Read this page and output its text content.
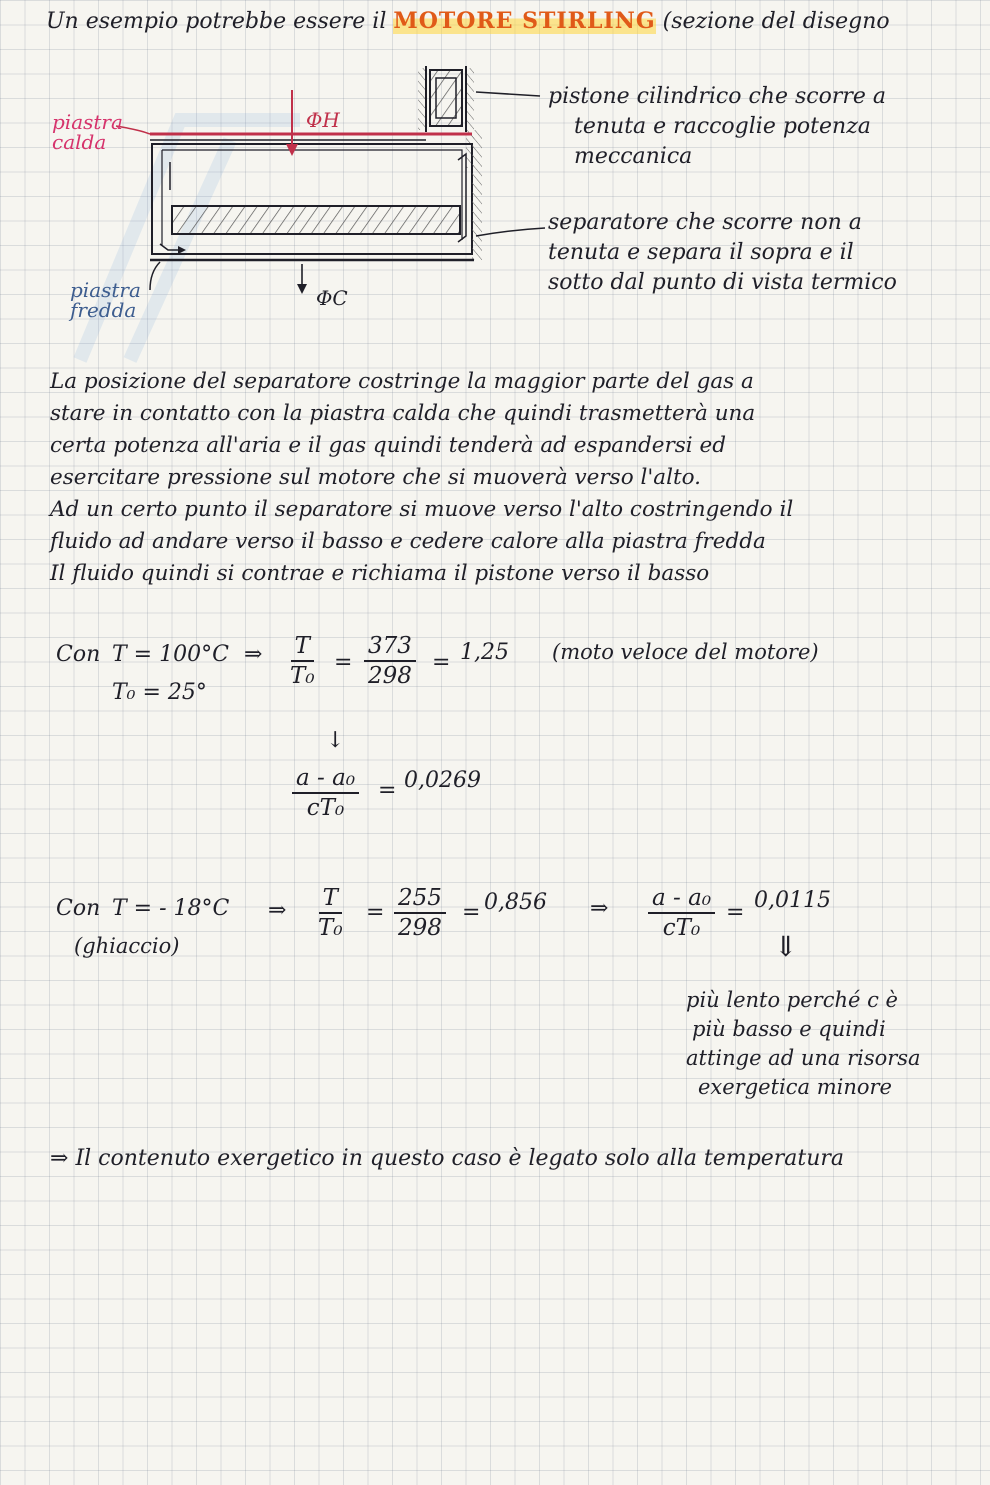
Un esempio potrebbe essere il MOTORE STIRLING (sezione del disegno
piastra calda
piastra fredda
ΦH
ΦC
pistone cilindrico che scorre a
tenuta e raccoglie potenza
meccanica
separatore che scorre non a
tenuta e separa il sopra e il
sotto dal punto di vista termico
La posizione del separatore costringe la maggior parte del gas a
stare in contatto con la piastra calda che quindi trasmetterà una
certa potenza all'aria e il gas quindi tenderà ad espandersi ed
esercitare pressione sul motore che si muoverà verso l'alto.
Ad un certo punto il separatore si muove verso l'alto costringendo il
fluido ad andare verso il basso e cedere calore alla piastra fredda
Il fluido quindi si contrae e richiama il pistone verso il basso
Con T = 100°C
T₀ = 25°
⇒ $\frac{T}{\text{T₀}} = \frac{373}{298} = 1,25$ (moto veloce del motore)
↓
$\frac{\text{a - a₀}}{\text{cT₀}} = 0,0269$
Con T = - 18°C
(ghiaccio)
⇒ $\frac{T}{\text{T₀}} = \frac{255}{298} = 0,856$ ⇒ $\frac{\text{a - a₀}}{\text{cT₀}} = 0,0115$
⇓
più lento perché c è
più basso e quindi
attinge ad una risorsa
exergetica minore
⇒ Il contenuto exergetico in questo caso è legato solo alla temperatura
